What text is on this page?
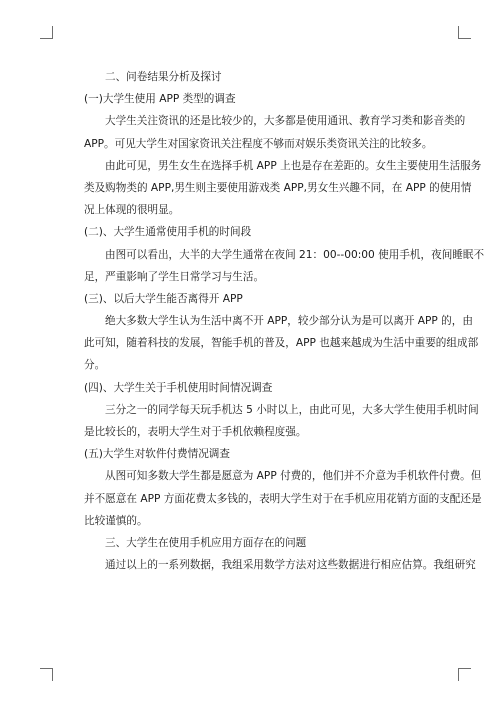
二、问卷结果分析及探讨
(一)大学生使用 APP 类型的调查
大学生关注资讯的还是比较少的，大多都是使用通讯、教育学习类和影音类的
APP。可见大学生对国家资讯关注程度不够而对娱乐类资讯关注的比较多。
由此可见，男生女生在选择手机 APP 上也是存在差距的。女生主要使用生活服务
类及购物类的 APP,男生则主要使用游戏类 APP,男女生兴趣不同，在 APP 的使用情
况上体现的很明显。
(二)、大学生通常使用手机的时间段
由图可以看出，大半的大学生通常在夜间 21：00--00:00 使用手机，夜间睡眠不
足，严重影响了学生日常学习与生活。
(三)、以后大学生能否离得开 APP
绝大多数大学生认为生活中离不开 APP，较少部分认为是可以离开 APP 的，由
此可知，随着科技的发展，智能手机的普及，APP 也越来越成为生活中重要的组成部
分。
(四)、大学生关于手机使用时间情况调查
三分之一的同学每天玩手机达 5 小时以上，由此可见，大多大学生使用手机时间
是比较长的，表明大学生对于手机依赖程度强。
(五)大学生对软件付费情况调查
从图可知多数大学生都是愿意为 APP 付费的，他们并不介意为手机软件付费。但
并不愿意在 APP 方面花费太多钱的，表明大学生对于在手机应用花销方面的支配还是
比较谨慎的。
三、大学生在使用手机应用方面存在的问题
通过以上的一系列数据，我组采用数学方法对这些数据进行相应估算。我组研究
